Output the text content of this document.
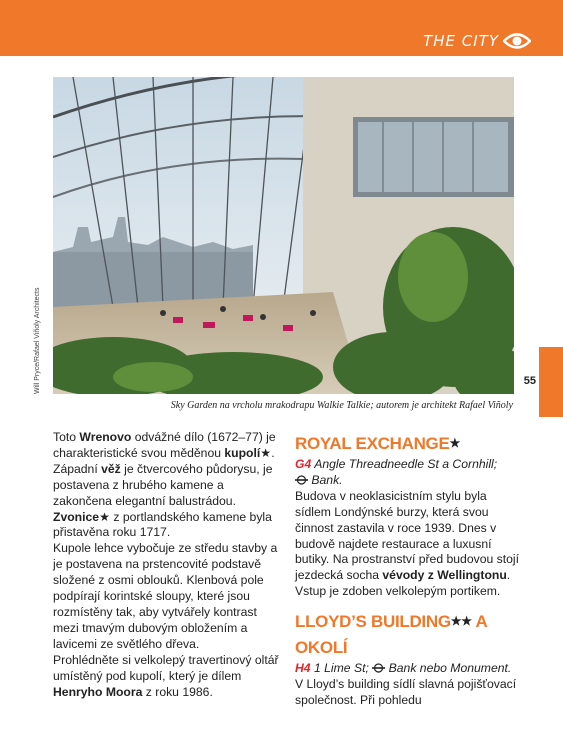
THE CITY
55
Will Pryce/Rafael Viñoly Architects
Sky Garden na vrcholu mrakodrapu Walkie Talkie; autorem je architekt Rafael Viñoly

Toto Wrenovo odvážné dílo (1672–77) je charakteristické svou měděnou kupolí★. Západní věž je čtvercového půdorysu, je postavena z hrubého kamene a zakončena elegantní balustrádou. Zvonice★ z portlandského kamene byla přistavěna roku 1717.

Kupole lehce vybočuje ze středu stavby a je postavena na prstencovité podstavě složené z osmi oblouků. Klenbová pole podpírají korintské sloupy, které jsou rozmístěny tak, aby vytvářely kontrast mezi tmavým dubovým obložením a lavicemi ze světlého dřeva.

Prohlédněte si velkolepý travertinový oltář umístěný pod kupolí, který je dílem Henryho Moora z roku 1986.

ROYAL EXCHANGE★

G4 Angle Threadneedle St a Cornhill;
Bank.

Budova v neoklasicistním stylu byla sídlem Londýnské burzy, která svou činnost zastavila v roce 1939. Dnes v budově najdete restaurace a luxusní butiky. Na prostranství před budovou stojí jezdecká socha vévody z Wellingtonu. Vstup je zdoben velkolepým portikem.

LLOYD’S BUILDING★★ A OKOLÍ

H4 1 Lime St; Bank nebo Monument.

V Lloyd’s building sídlí slavná pojišťovací společnost. Při pohledu
